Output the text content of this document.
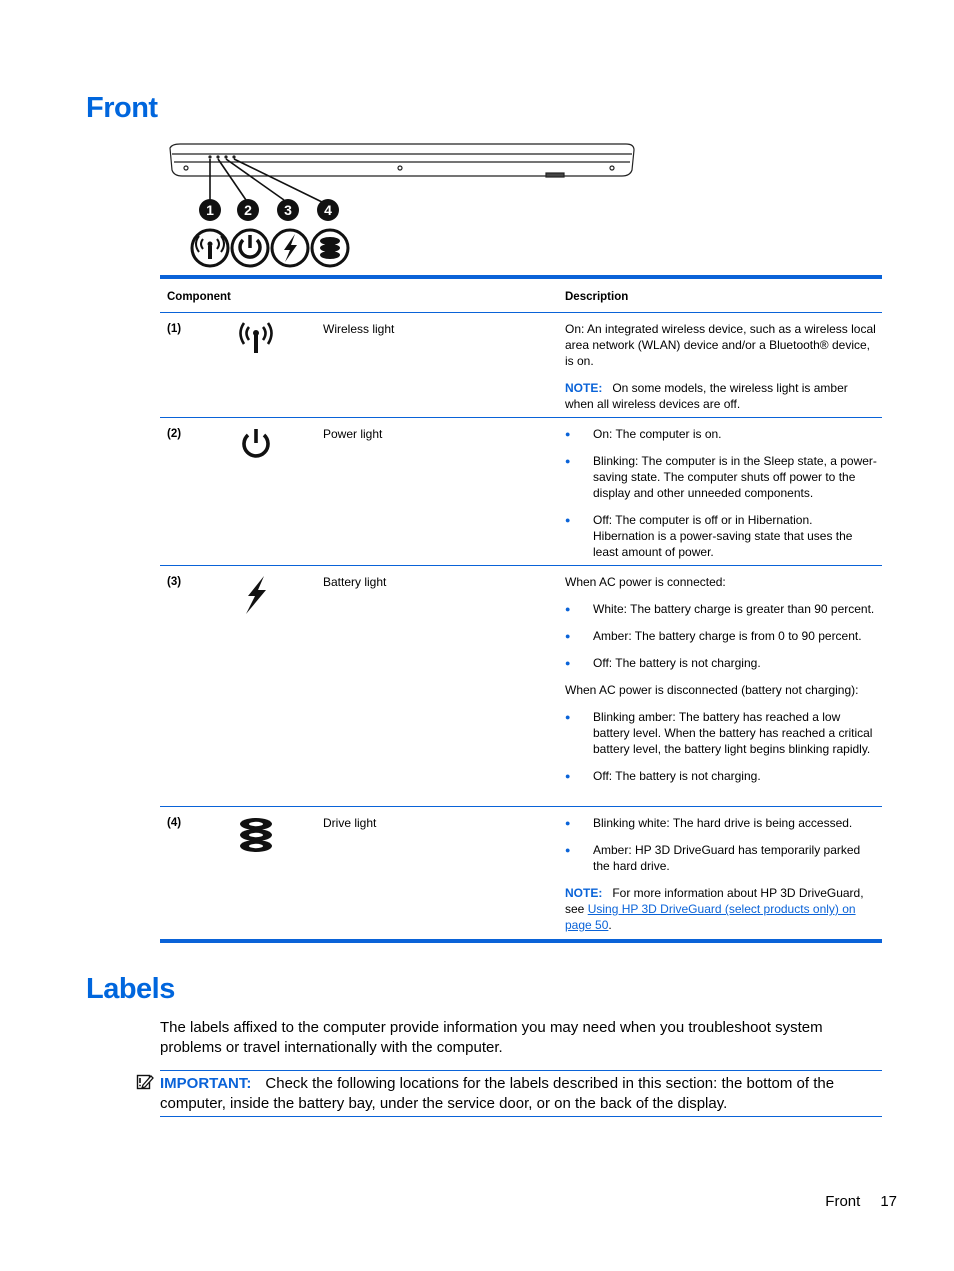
Front
1 2 3 4
Component	Description
(1)	Wireless light	On: An integrated wireless device, such as a wireless local area network (WLAN) device and/or a Bluetooth® device, is on.

NOTE: On some models, the wireless light is amber when all wireless devices are off.

(2)	Power light	● On: The computer is on.
● Blinking: The computer is in the Sleep state, a power-saving state. The computer shuts off power to the display and other unneeded components.
● Off: The computer is off or in Hibernation. Hibernation is a power-saving state that uses the least amount of power.
(3)	Battery light	When AC power is connected:

● White: The battery charge is greater than 90 percent.
● Amber: The battery charge is from 0 to 90 percent.
● Off: The battery is not charging.

When AC power is disconnected (battery not charging):

● Blinking amber: The battery has reached a low battery level. When the battery has reached a critical battery level, the battery light begins blinking rapidly.
● Off: The battery is not charging.
(4)	Drive light	● Blinking white: The hard drive is being accessed.
● Amber: HP 3D DriveGuard has temporarily parked the hard drive.

NOTE: For more information about HP 3D DriveGuard, see Using HP 3D DriveGuard (select products only) on page 50.

Labels

The labels affixed to the computer provide information you may need when you troubleshoot system problems or travel internationally with the computer.

IMPORTANT: Check the following locations for the labels described in this section: the bottom of the computer, inside the battery bay, under the service door, or on the back of the display.
Front 17
